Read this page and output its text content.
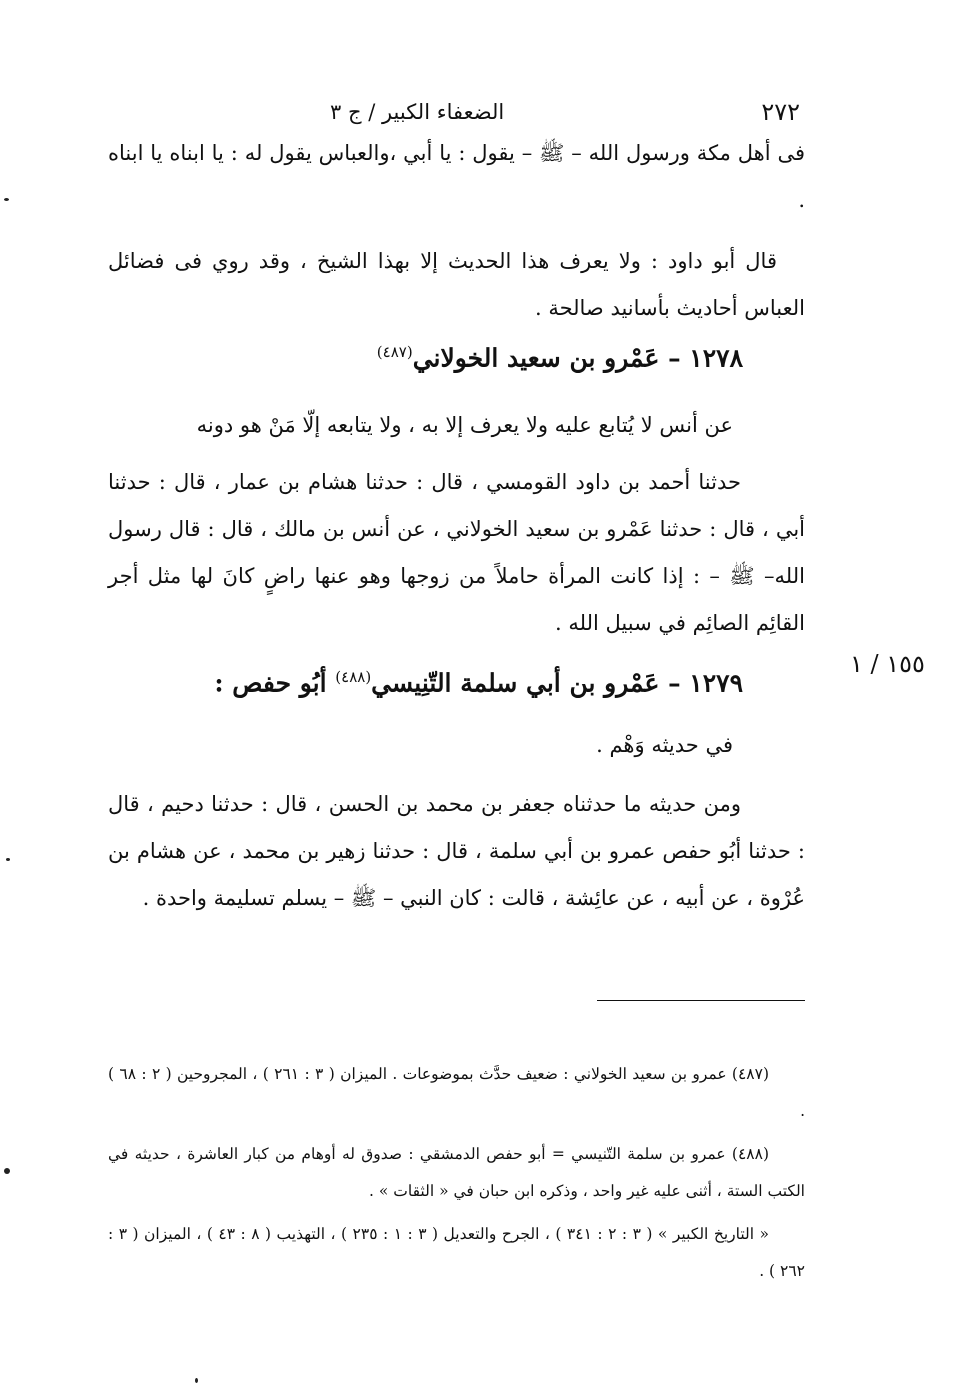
٢٧٢
الضعفاء الكبير / ج ٣

فى أهل مكة ورسول الله – ﷺ – يقول : يا أبي ،والعباس يقول له : يا ابناه يا ابناه .

قال أبو داود : ولا يعرف هذا الحديث إلا بهذا الشيخ ، وقد روي فى فضائل العباس أحاديث بأسانيد صالحة .

١٢٧٨ – عَمْرو بن سعيد الخولاني$^{(٤٨٧)}$

عن أنس لا يُتابع عليه ولا يعرف إلا به ، ولا يتابعه إلّا مَنْ هو دونه

حدثنا أحمد بن داود القومسي ، قال : حدثنا هشام بن عمار ، قال : حدثنا أبي ، قال : حدثنا عَمْرو بن سعيد الخولاني ، عن أنس بن مالك ، قال : قال رسول الله– ﷺ – : إذا كانت المرأة حاملاً من زوجها وهو عنها راضٍ كانَ لها مثل أجر القائِم الصائِم في سبيل الله .

١٥٥ / ١
١٢٧٩ – عَمْرو بن أبي سلمة التّنِيسي$^{(٤٨٨)}$ أبُو حفص :

في حديثه وَهْم .

ومن حديثه ما حدثناه جعفر بن محمد بن الحسن ، قال : حدثنا دحيم ، قال : حدثنا أبُو حفص عمرو بن أبي سلمة ، قال : حدثنا زهير بن محمد ، عن هشام بن عُرْوة ، عن أبيه ، عن عائِشة ، قالت : كان النبي – ﷺ – يسلم تسليمة واحدة .

(٤٨٧) عمرو بن سعيد الخولاني : ضعيف حدَّث بموضوعات . الميزان ( ٣ : ٢٦١ ) ، المجروحين ( ٢ : ٦٨ ) .

(٤٨٨) عمرو بن سلمة التّنيسي = أبو حفص الدمشقي : صدوق له أوهام من كبار العاشرة ، حديثه في الكتب الستة ، أثنى عليه غير واحد ، وذكره ابن حبان في « الثقات » .

« التاريخ الكبير » ( ٣ : ٢ : ٣٤١ ) ، الجرح والتعديل ( ٣ : ١ : ٢٣٥ ) ، التهذيب ( ٨ : ٤٣ ) ، الميزان ( ٣ : ٢٦٢ ) .
